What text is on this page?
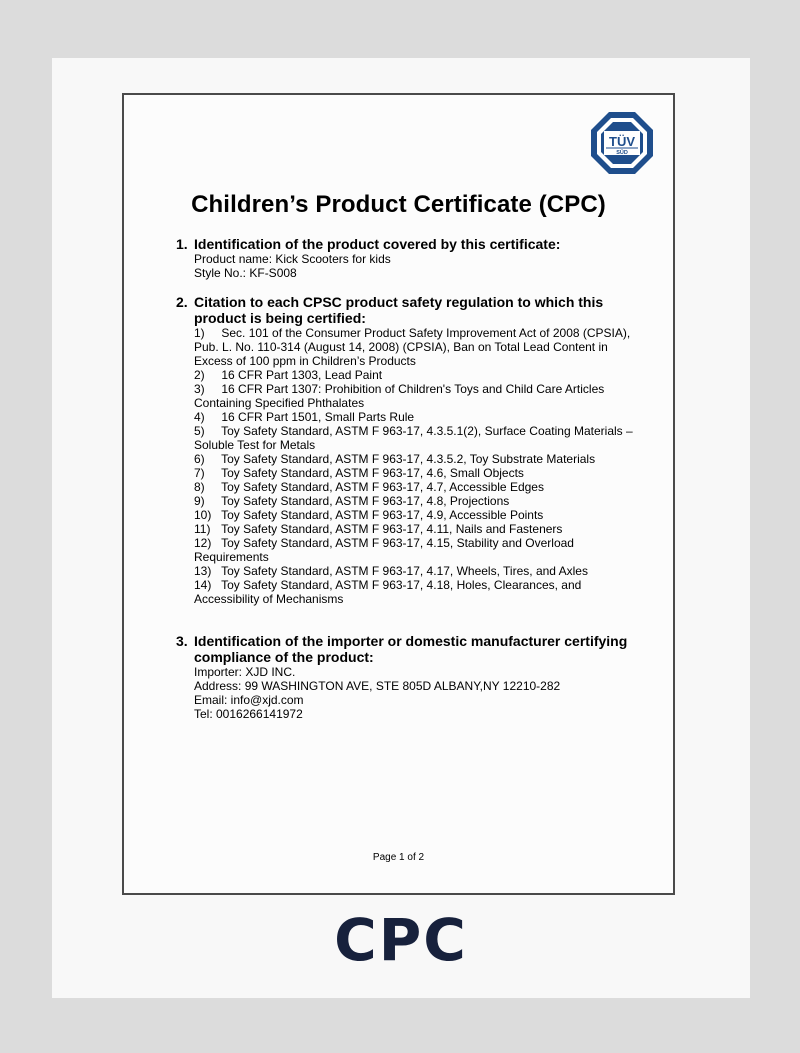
TÜV
SÜD
Children’s Product Certificate (CPC)
1. Identification of the product covered by this certificate:
Product name: Kick Scooters for kids
Style No.: KF-S008
2. Citation to each CPSC product safety regulation to which this product is being certified:
1) Sec. 101 of the Consumer Product Safety Improvement Act of 2008 (CPSIA), Pub. L. No. 110-314 (August 14, 2008) (CPSIA), Ban on Total Lead Content in Excess of 100 ppm in Children’s Products
2) 16 CFR Part 1303, Lead Paint
3) 16 CFR Part 1307: Prohibition of Children's Toys and Child Care Articles Containing Specified Phthalates
4) 16 CFR Part 1501, Small Parts Rule
5) Toy Safety Standard, ASTM F 963-17, 4.3.5.1(2), Surface Coating Materials – Soluble Test for Metals
6) Toy Safety Standard, ASTM F 963-17, 4.3.5.2, Toy Substrate Materials
7) Toy Safety Standard, ASTM F 963-17, 4.6, Small Objects
8) Toy Safety Standard, ASTM F 963-17, 4.7, Accessible Edges
9) Toy Safety Standard, ASTM F 963-17, 4.8, Projections
10) Toy Safety Standard, ASTM F 963-17, 4.9, Accessible Points
11) Toy Safety Standard, ASTM F 963-17, 4.11, Nails and Fasteners
12) Toy Safety Standard, ASTM F 963-17, 4.15, Stability and Overload Requirements
13) Toy Safety Standard, ASTM F 963-17, 4.17, Wheels, Tires, and Axles
14) Toy Safety Standard, ASTM F 963-17, 4.18, Holes, Clearances, and Accessibility of Mechanisms
3. Identification of the importer or domestic manufacturer certifying compliance of the product:
Importer: XJD INC.
Address: 99 WASHINGTON AVE, STE 805D ALBANY,NY 12210-282
Email: info@xjd.com
Tel: 0016266141972
Page 1 of 2
CPC
